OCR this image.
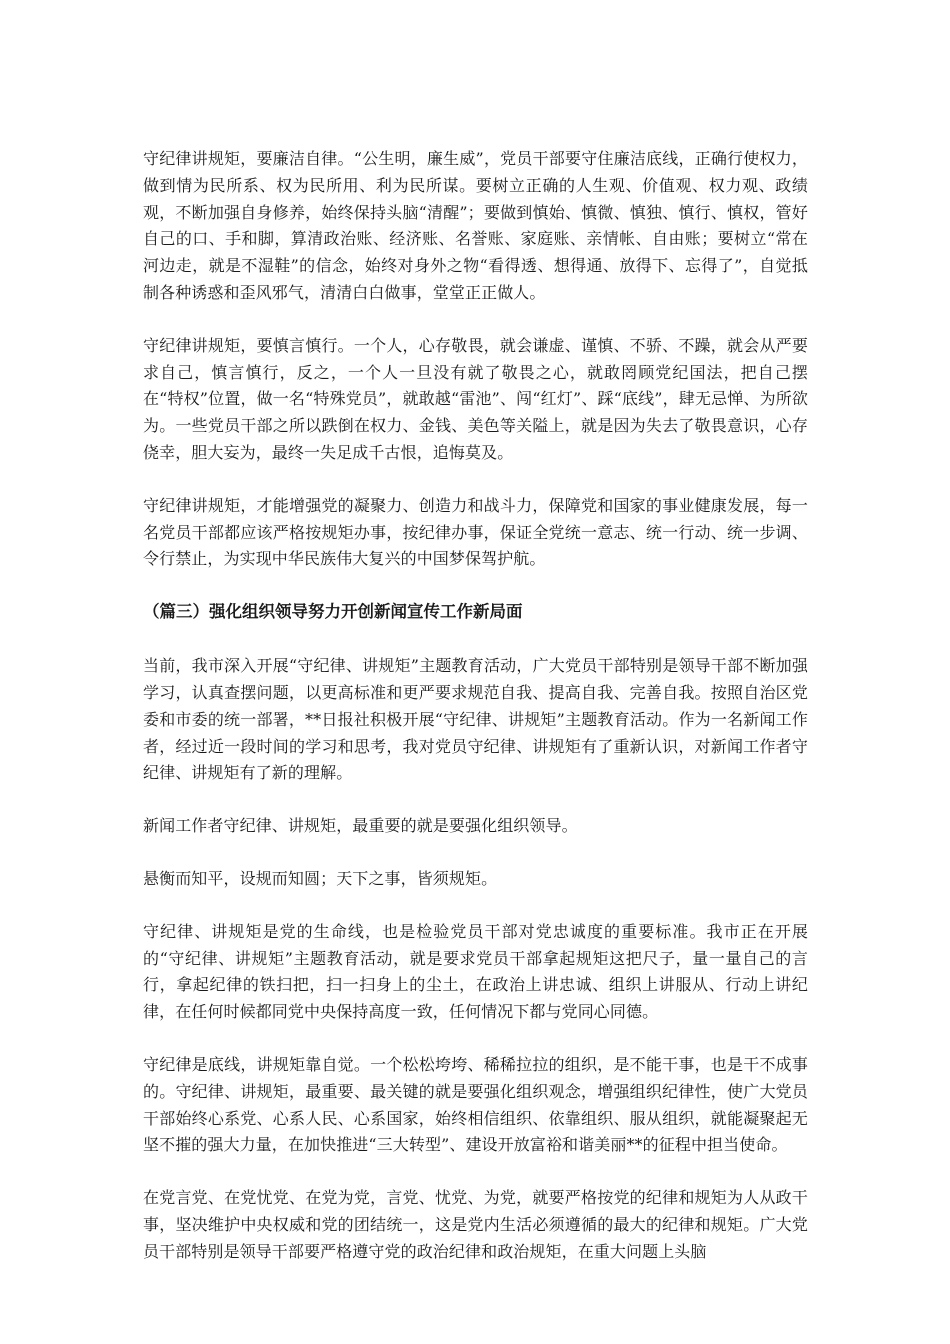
守纪律讲规矩，要廉洁自律。“公生明，廉生威”，党员干部要守住廉洁底线，正确行使权力，做到情为民所系、权为民所用、利为民所谋。要树立正确的人生观、价值观、权力观、政绩观，不断加强自身修养，始终保持头脑“清醒”；要做到慎始、慎微、慎独、慎行、慎权，管好自己的口、手和脚，算清政治账、经济账、名誉账、家庭账、亲情帐、自由账；要树立“常在河边走，就是不湿鞋”的信念，始终对身外之物“看得透、想得通、放得下、忘得了”，自觉抵制各种诱惑和歪风邪气，清清白白做事，堂堂正正做人。

守纪律讲规矩，要慎言慎行。一个人，心存敬畏，就会谦虚、谨慎、不骄、不躁，就会从严要求自己，慎言慎行，反之，一个人一旦没有就了敬畏之心，就敢罔顾党纪国法，把自己摆在“特权”位置，做一名“特殊党员”，就敢越“雷池”、闯“红灯”、踩“底线”，肆无忌惮、为所欲为。一些党员干部之所以跌倒在权力、金钱、美色等关隘上，就是因为失去了敬畏意识，心存侥幸，胆大妄为，最终一失足成千古恨，追悔莫及。

守纪律讲规矩，才能增强党的凝聚力、创造力和战斗力，保障党和国家的事业健康发展，每一名党员干部都应该严格按规矩办事，按纪律办事，保证全党统一意志、统一行动、统一步调、令行禁止，为实现中华民族伟大复兴的中国梦保驾护航。

（篇三）强化组织领导努力开创新闻宣传工作新局面

当前，我市深入开展“守纪律、讲规矩”主题教育活动，广大党员干部特别是领导干部不断加强学习，认真查摆问题，以更高标准和更严要求规范自我、提高自我、完善自我。按照自治区党委和市委的统一部署，**日报社积极开展“守纪律、讲规矩”主题教育活动。作为一名新闻工作者，经过近一段时间的学习和思考，我对党员守纪律、讲规矩有了重新认识，对新闻工作者守纪律、讲规矩有了新的理解。

新闻工作者守纪律、讲规矩，最重要的就是要强化组织领导。

悬衡而知平，设规而知圆；天下之事，皆须规矩。

守纪律、讲规矩是党的生命线，也是检验党员干部对党忠诚度的重要标准。我市正在开展的“守纪律、讲规矩”主题教育活动，就是要求党员干部拿起规矩这把尺子，量一量自己的言行，拿起纪律的铁扫把，扫一扫身上的尘土，在政治上讲忠诚、组织上讲服从、行动上讲纪律，在任何时候都同党中央保持高度一致，任何情况下都与党同心同德。

守纪律是底线，讲规矩靠自觉。一个松松垮垮、稀稀拉拉的组织，是不能干事，也是干不成事的。守纪律、讲规矩，最重要、最关键的就是要强化组织观念，增强组织纪律性，使广大党员干部始终心系党、心系人民、心系国家，始终相信组织、依靠组织、服从组织，就能凝聚起无坚不摧的强大力量，在加快推进“三大转型”、建设开放富裕和谐美丽**的征程中担当使命。

在党言党、在党忧党、在党为党，言党、忧党、为党，就要严格按党的纪律和规矩为人从政干事，坚决维护中央权威和党的团结统一，这是党内生活必须遵循的最大的纪律和规矩。广大党员干部特别是领导干部要严格遵守党的政治纪律和政治规矩，在重大问题上头脑
